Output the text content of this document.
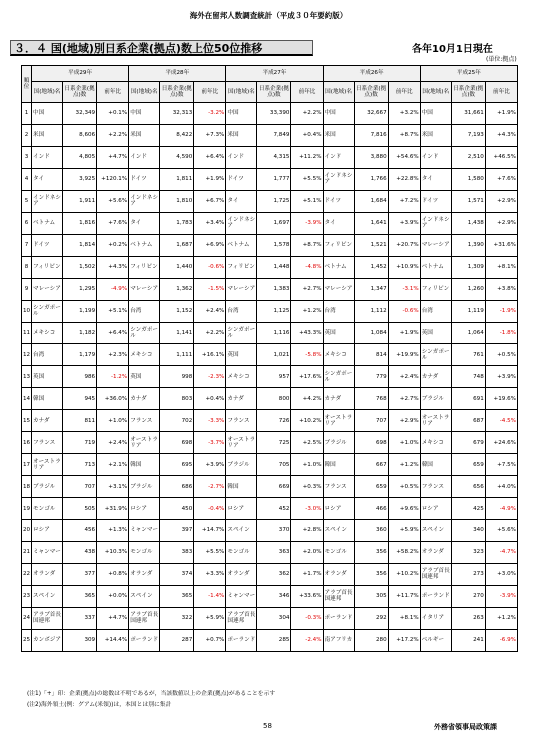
海外在留邦人数調査統計（平成３０年要約版）
３．４ 国(地域)別日系企業(拠点)数上位50位推移	各年10月1日現在
(単位:拠点)
順位	平成29年			平成28年			平成27年			平成26年			平成25年		
	国(地域)名	日系企業(拠点)数	前年比	国(地域)名	日系企業(拠点)数	前年比	国(地域)名	日系企業(拠点)数	前年比	国(地域)名	日系企業(拠点)数	前年比	国(地域)名	日系企業(拠点)数	前年比
1	中国	32,349	+0.1%	中国	32,313	-3.2%	中国	33,390	+2.2%	中国	32,667	+3.2%	中国	31,661	+1.9%
2	米国	8,606	+2.2%	米国	8,422	+7.3%	米国	7,849	+0.4%	米国	7,816	+8.7%	米国	7,193	+4.3%
3	インド	4,805	+4.7%	インド	4,590	+6.4%	インド	4,315	+11.2%	インド	3,880	+54.6%	インド	2,510	+46.5%
4	タイ	3,925	+120.1%	ドイツ	1,811	+1.9%	ドイツ	1,777	+5.5%	インドネシア	1,766	+22.8%	タイ	1,580	+7.6%
5	インドネシア	1,911	+5.6%	インドネシア	1,810	+6.7%	タイ	1,725	+5.1%	ドイツ	1,684	+7.2%	ドイツ	1,571	+2.9%
6	ベトナム	1,816	+7.6%	タイ	1,783	+3.4%	インドネシア	1,697	-3.9%	タイ	1,641	+3.9%	インドネシア	1,438	+2.9%
7	ドイツ	1,814	+0.2%	ベトナム	1,687	+6.9%	ベトナム	1,578	+8.7%	フィリピン	1,521	+20.7%	マレーシア	1,390	+31.6%
8	フィリピン	1,502	+4.3%	フィリピン	1,440	-0.6%	フィリピン	1,448	-4.8%	ベトナム	1,452	+10.9%	ベトナム	1,309	+8.1%
9	マレーシア	1,295	-4.9%	マレーシア	1,362	-1.5%	マレーシア	1,383	+2.7%	マレーシア	1,347	-3.1%	フィリピン	1,260	+3.8%
10	シンガポール	1,199	+5.1%	台湾	1,152	+2.4%	台湾	1,125	+1.2%	台湾	1,112	-0.6%	台湾	1,119	-1.9%
11	メキシコ	1,182	+6.4%	シンガポール	1,141	+2.2%	シンガポール	1,116	+43.3%	英国	1,084	+1.9%	英国	1,064	-1.8%
12	台湾	1,179	+2.3%	メキシコ	1,111	+16.1%	英国	1,021	-5.8%	メキシコ	814	+19.9%	シンガポール	761	+0.5%
13	英国	986	-1.2%	英国	998	-2.3%	メキシコ	957	+17.6%	シンガポール	779	+2.4%	カナダ	748	+3.9%
14	韓国	945	+36.0%	カナダ	803	+0.4%	カナダ	800	+4.2%	カナダ	768	+2.7%	ブラジル	691	+19.6%
15	カナダ	811	+1.0%	フランス	702	-3.3%	フランス	726	+10.2%	オーストラリア	707	+2.9%	オーストラリア	687	-4.5%
16	フランス	719	+2.4%	オーストラリア	698	-3.7%	オーストラリア	725	+2.5%	ブラジル	698	+1.0%	メキシコ	679	+24.6%
17	オーストラリア	713	+2.1%	韓国	695	+3.9%	ブラジル	705	+1.0%	韓国	667	+1.2%	韓国	659	+7.5%
18	ブラジル	707	+3.1%	ブラジル	686	-2.7%	韓国	669	+0.3%	フランス	659	+0.5%	フランス	656	+4.0%
19	モンゴル	505	+31.9%	ロシア	450	-0.4%	ロシア	452	-3.0%	ロシア	466	+9.6%	ロシア	425	-4.9%
20	ロシア	456	+1.3%	ミャンマー	397	+14.7%	スペイン	370	+2.8%	スペイン	360	+5.9%	スペイン	340	+5.6%
21	ミャンマー	438	+10.3%	モンゴル	383	+5.5%	モンゴル	363	+2.0%	モンゴル	356	+58.2%	オランダ	323	-4.7%
22	オランダ	377	+0.8%	オランダ	374	+3.3%	オランダ	362	+1.7%	オランダ	356	+10.2%	アラブ首長国連邦	273	+3.0%
23	スペイン	365	+0.0%	スペイン	365	-1.4%	ミャンマー	346	+33.6%	アラブ首長国連邦	305	+11.7%	ポーランド	270	-3.9%
24	アラブ首長国連邦	337	+4.7%	アラブ首長国連邦	322	+5.9%	アラブ首長国連邦	304	-0.3%	ポーランド	292	+8.1%	イタリア	263	+1.2%
25	カンボジア	309	+14.4%	ポーランド	287	+0.7%	ポーランド	285	-2.4%	南アフリカ	280	+17.2%	ベルギー	241	-6.9%
(注1)「+」印：企業(拠点)の総数は不明であるが，当該数値以上の企業(拠点)があることを示す
(注2)海外領土(例：グアム(米領))は，本国とは別に集計
58	外務省領事局政策課
